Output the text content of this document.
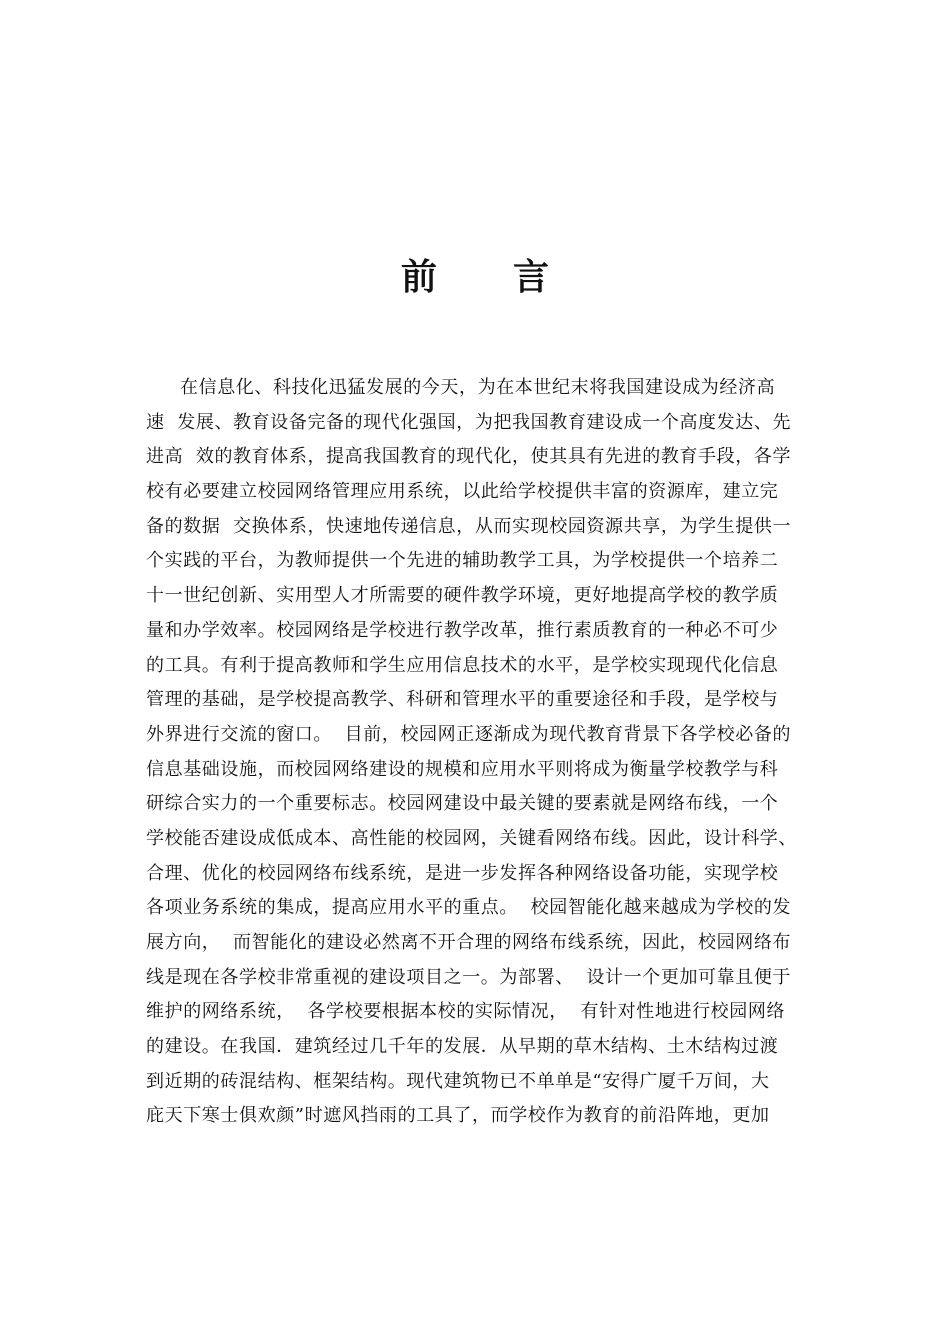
前 言
在信息化、科技化迅猛发展的今天，为在本世纪末将我国建设成为经济高
速  发展、教育设备完备的现代化强国，为把我国教育建设成一个高度发达、先
进高  效的教育体系，提高我国教育的现代化，使其具有先进的教育手段，各学
校有必要建立校园网络管理应用系统，以此给学校提供丰富的资源库，建立完
备的数据  交换体系，快速地传递信息，从而实现校园资源共享，为学生提供一
个实践的平台，为教师提供一个先进的辅助教学工具，为学校提供一个培养二
十一世纪创新、实用型人才所需要的硬件教学环境，更好地提高学校的教学质
量和办学效率。校园网络是学校进行教学改革，推行素质教育的一种必不可少
的工具。有利于提高教师和学生应用信息技术的水平，是学校实现现代化信息
管理的基础，是学校提高教学、科研和管理水平的重要途径和手段，是学校与
外界进行交流的窗口。  目前，校园网正逐渐成为现代教育背景下各学校必备的
信息基础设施，而校园网络建设的规模和应用水平则将成为衡量学校教学与科
研综合实力的一个重要标志。校园网建设中最关键的要素就是网络布线，一个
学校能否建设成低成本、高性能的校园网，关键看网络布线。因此，设计科学、
合理、优化的校园网络布线系统，是进一步发挥各种网络设备功能，实现学校
各项业务系统的集成，提高应用水平的重点。  校园智能化越来越成为学校的发
展方向，  而智能化的建设必然离不开合理的网络布线系统，因此，校园网络布
线是现在各学校非常重视的建设项目之一。为部署、  设计一个更加可靠且便于
维护的网络系统，  各学校要根据本校的实际情况，  有针对性地进行校园网络
的建设。在我国．建筑经过几千年的发展．从早期的草木结构、土木结构过渡
到近期的砖混结构、框架结构。现代建筑物已不单单是“安得广厦千万间，大
庇天下寒士俱欢颜”时遮风挡雨的工具了，而学校作为教育的前沿阵地，更加
